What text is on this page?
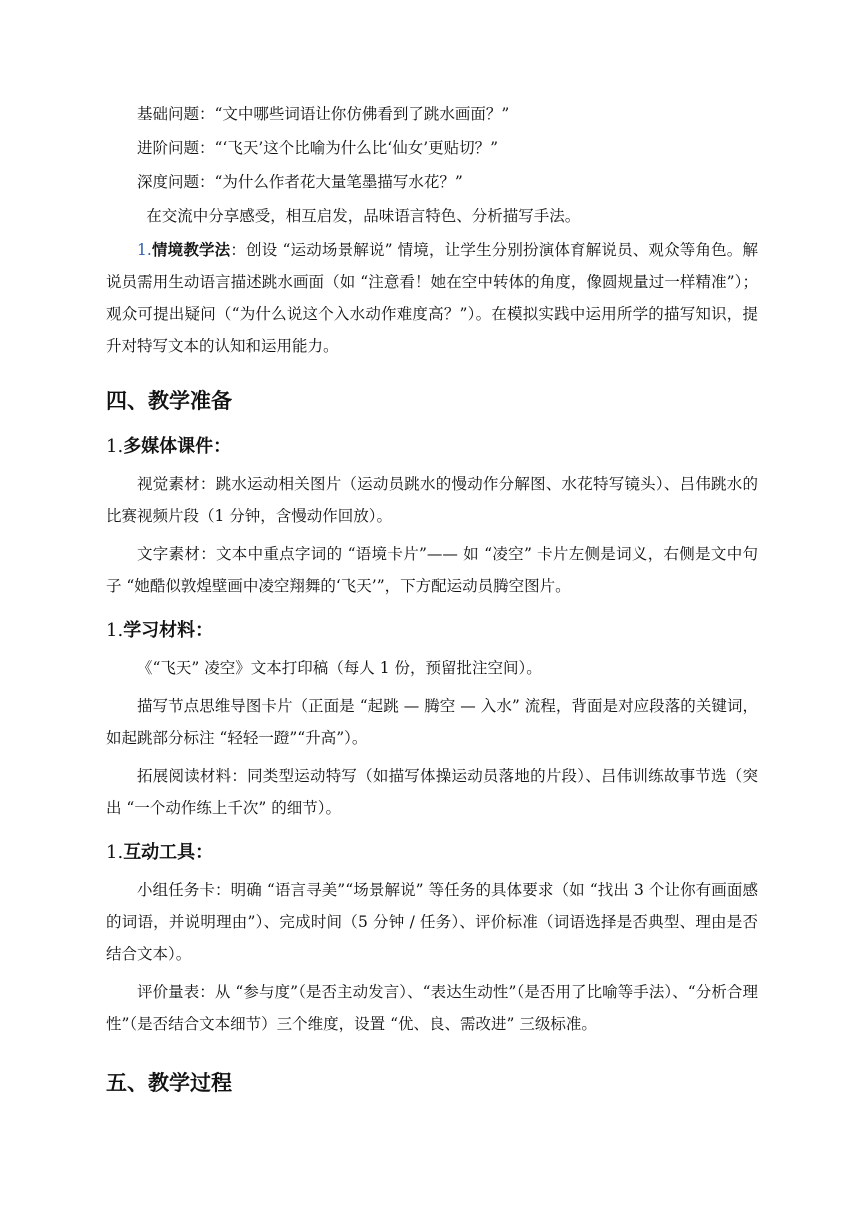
基础问题：“文中哪些词语让你仿佛看到了跳水画面？”

进阶问题：“‘飞天’这个比喻为什么比‘仙女’更贴切？”

深度问题：“为什么作者花大量笔墨描写水花？”

在交流中分享感受，相互启发，品味语言特色、分析描写手法。

1.情境教学法：创设 “运动场景解说” 情境，让学生分别扮演体育解说员、观众等角色。解说员需用生动语言描述跳水画面（如 “注意看！她在空中转体的角度，像圆规量过一样精准”）；观众可提出疑问（“为什么说这个入水动作难度高？”）。在模拟实践中运用所学的描写知识，提升对特写文本的认知和运用能力。

四、教学准备
1.多媒体课件：

视觉素材：跳水运动相关图片（运动员跳水的慢动作分解图、水花特写镜头）、吕伟跳水的比赛视频片段（1 分钟，含慢动作回放）。

文字素材：文本中重点字词的 “语境卡片”—— 如 “凌空” 卡片左侧是词义，右侧是文中句子 “她酷似敦煌壁画中凌空翔舞的‘飞天’”，下方配运动员腾空图片。

1.学习材料：

《“飞天” 凌空》文本打印稿（每人 1 份，预留批注空间）。

描写节点思维导图卡片（正面是 “起跳 — 腾空 — 入水” 流程，背面是对应段落的关键词，如起跳部分标注 “轻轻一蹬”“升高”）。

拓展阅读材料：同类型运动特写（如描写体操运动员落地的片段）、吕伟训练故事节选（突出 “一个动作练上千次” 的细节）。

1.互动工具：

小组任务卡：明确 “语言寻美”“场景解说” 等任务的具体要求（如 “找出 3 个让你有画面感的词语，并说明理由”）、完成时间（5 分钟 / 任务）、评价标准（词语选择是否典型、理由是否结合文本）。

评价量表：从 “参与度”（是否主动发言）、“表达生动性”（是否用了比喻等手法）、“分析合理性”（是否结合文本细节）三个维度，设置 “优、良、需改进” 三级标准。

五、教学过程
